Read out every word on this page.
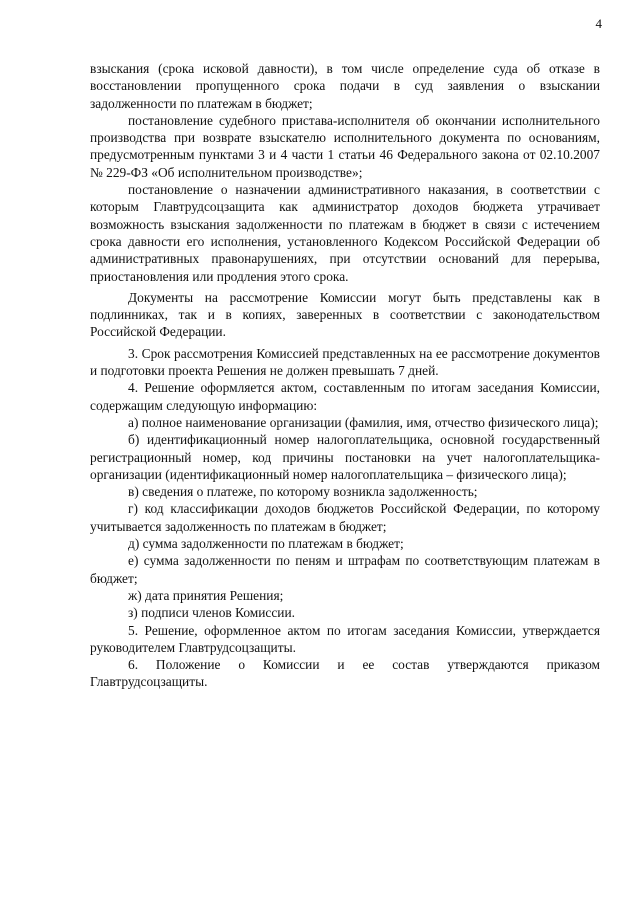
4

взыскания (срока исковой давности), в том числе определение суда об отказе в восстановлении пропущенного срока подачи в суд заявления о взыскании задолженности по платежам в бюджет;

постановление судебного пристава-исполнителя об окончании исполнительного производства при возврате взыскателю исполнительного документа по основаниям, предусмотренным пунктами 3 и 4 части 1 статьи 46 Федерального закона от 02.10.2007 № 229-ФЗ «Об исполнительном производстве»;

постановление о назначении административного наказания, в соответствии с которым Главтрудсоцзащита как администратор доходов бюджета утрачивает возможность взыскания задолженности по платежам в бюджет в связи с истечением срока давности его исполнения, установленного Кодексом Российской Федерации об административных правонарушениях, при отсутствии оснований для перерыва, приостановления или продления этого срока.

Документы на рассмотрение Комиссии могут быть представлены как в подлинниках, так и в копиях, заверенных в соответствии с законодательством Российской Федерации.

3. Срок рассмотрения Комиссией представленных на ее рассмотрение документов и подготовки проекта Решения не должен превышать 7 дней.

4. Решение оформляется актом, составленным по итогам заседания Комиссии, содержащим следующую информацию:

а) полное наименование организации (фамилия, имя, отчество физического лица);

б) идентификационный номер налогоплательщика, основной государственный регистрационный номер, код причины постановки на учет налогоплательщика-организации (идентификационный номер налогоплательщика – физического лица);

в) сведения о платеже, по которому возникла задолженность;

г) код классификации доходов бюджетов Российской Федерации, по которому учитывается задолженность по платежам в бюджет;

д) сумма задолженности по платежам в бюджет;

е) сумма задолженности по пеням и штрафам по соответствующим платежам в бюджет;

ж) дата принятия Решения;

з) подписи членов Комиссии.

5. Решение, оформленное актом по итогам заседания Комиссии, утверждается руководителем Главтрудсоцзащиты.

6. Положение о Комиссии и ее состав утверждаются приказом Главтрудсоцзащиты.
